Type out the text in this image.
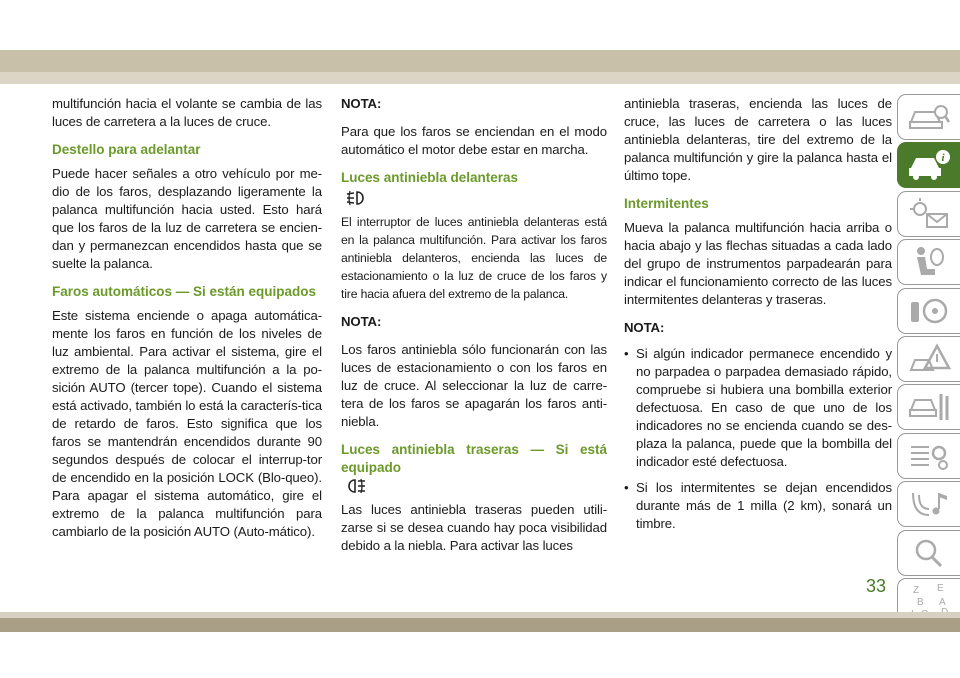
multifunción hacia el volante se cambia de las luces de carretera a la luces de cruce.

Destello para adelantar

Puede hacer señales a otro vehículo por me-dio de los faros, desplazando ligeramente la palanca multifunción hacia usted. Esto hará que los faros de la luz de carretera se encien-dan y permanezcan encendidos hasta que se suelte la palanca.

Faros automáticos — Si están equipados

Este sistema enciende o apaga automática-mente los faros en función de los niveles de luz ambiental. Para activar el sistema, gire el extremo de la palanca multifunción a la po-sición AUTO (tercer tope). Cuando el sistema está activado, también lo está la caracterís-tica de retardo de faros. Esto significa que los faros se mantendrán encendidos durante 90 segundos después de colocar el interrup-tor de encendido en la posición LOCK (Blo-queo). Para apagar el sistema automático, gire el extremo de la palanca multifunción para cambiarlo de la posición AUTO (Auto-mático).

NOTA:

Para que los faros se enciendan en el modo automático el motor debe estar en marcha.

Luces antiniebla delanteras

El interruptor de luces antiniebla delanteras está en la palanca multifunción. Para activar los faros antiniebla delanteros, encienda las luces de estacionamiento o la luz de cruce de los faros y tire hacia afuera del extremo de la palanca.

NOTA:

Los faros antiniebla sólo funcionarán con las luces de estacionamiento o con los faros en luz de cruce. Al seleccionar la luz de carre-tera de los faros se apagarán los faros anti-niebla.

Luces antiniebla traseras — Si está equipado

Las luces antiniebla traseras pueden utili-zarse si se desea cuando hay poca visibilidad debido a la niebla. Para activar las luces

antiniebla traseras, encienda las luces de cruce, las luces de carretera o las luces antiniebla delanteras, tire del extremo de la palanca multifunción y gire la palanca hasta el último tope.

Intermitentes

Mueva la palanca multifunción hacia arriba o hacia abajo y las flechas situadas a cada lado del grupo de instrumentos parpadearán para indicar el funcionamiento correcto de las luces intermitentes delanteras y traseras.

NOTA:

• Si algún indicador permanece encendido y no parpadea o parpadea demasiado rápido, compruebe si hubiera una bombilla exterior defectuosa. En caso de que uno de los indicadores no se encienda cuando se des-plaza la palanca, puede que la bombilla del indicador esté defectuosa.
• Si los intermitentes se dejan encendidos durante más de 1 milla (2 km), sonará un timbre.
i
Z E
B A
33
